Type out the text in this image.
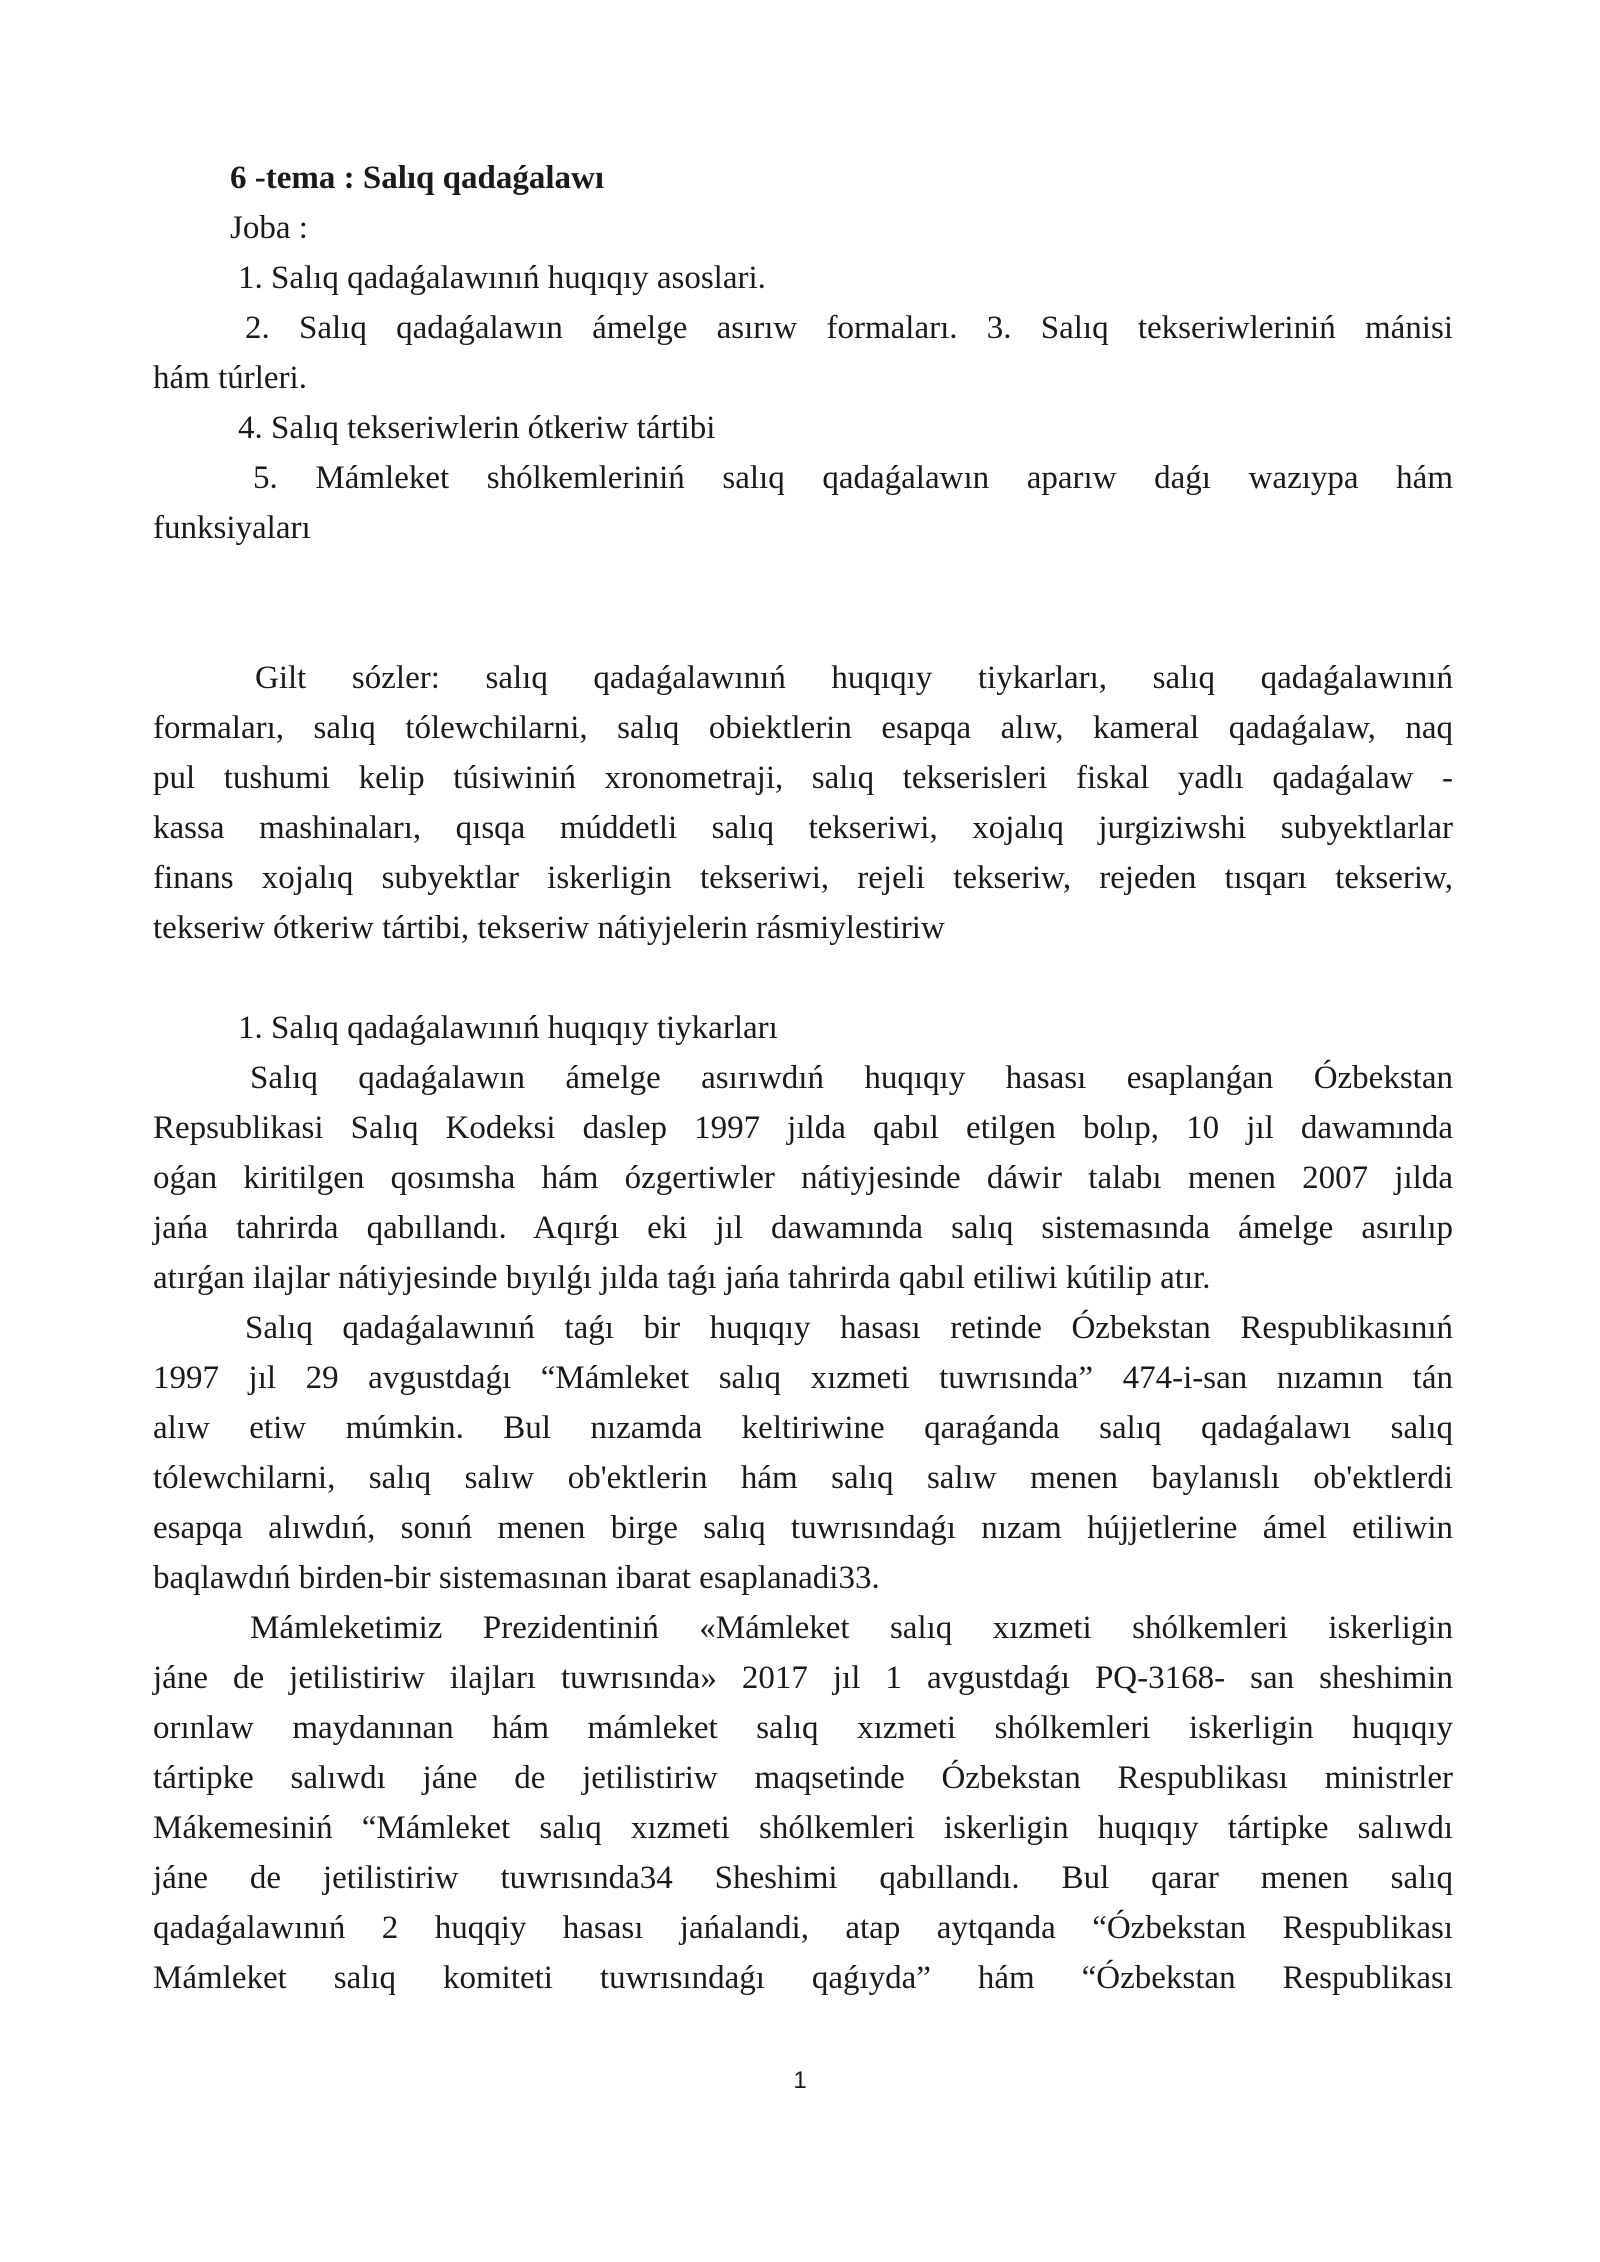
6 -tema : Salıq qadaǵalawı
Joba :
1. Salıq qadaǵalawınıń huqıqıy asoslari.
2. Salıq qadaǵalawın ámelge asırıw formaları. 3. Salıq tekseriwleriniń mánisi
hám túrleri.
4. Salıq tekseriwlerin ótkeriw tártibi
5. Mámleket shólkemleriniń salıq qadaǵalawın aparıw daǵı wazıypa hám
funksiyaları
Gilt sózler: salıq qadaǵalawınıń huqıqıy tiykarları, salıq qadaǵalawınıń
formaları, salıq tólewchilarni, salıq obiektlerin esapqa alıw, kameral qadaǵalaw, naq
pul tushumi kelip túsiwiniń xronometraji, salıq tekserisleri fiskal yadlı qadaǵalaw -
kassa mashinaları, qısqa múddetli salıq tekseriwi, xojalıq jurgiziwshi subyektlarlar
finans xojalıq subyektlar iskerligin tekseriwi, rejeli tekseriw, rejeden tısqarı tekseriw,
tekseriw ótkeriw tártibi, tekseriw nátiyjelerin rásmiylestiriw
1. Salıq qadaǵalawınıń huqıqıy tiykarları
Salıq qadaǵalawın ámelge asırıwdıń huqıqıy hasası esaplanǵan Ózbekstan
Repsublikasi Salıq Kodeksi daslep 1997 jılda qabıl etilgen bolıp, 10 jıl dawamında
oǵan kiritilgen qosımsha hám ózgertiwler nátiyjesinde dáwir talabı menen 2007 jılda
jańa tahrirda qabıllandı. Aqırǵı eki jıl dawamında salıq sistemasında ámelge asırılıp
atırǵan ilajlar nátiyjesinde bıyılǵı jılda taǵı jańa tahrirda qabıl etiliwi kútilip atır.
Salıq qadaǵalawınıń taǵı bir huqıqıy hasası retinde Ózbekstan Respublikasınıń
1997 jıl 29 avgustdaǵı “Mámleket salıq xızmeti tuwrısında” 474-i-san nızamın tán
alıw etiw múmkin. Bul nızamda keltiriwine qaraǵanda salıq qadaǵalawı salıq
tólewchilarni, salıq salıw ob'ektlerin hám salıq salıw menen baylanıslı ob'ektlerdi
esapqa alıwdıń, sonıń menen birge salıq tuwrısındaǵı nızam hújjetlerine ámel etiliwin
baqlawdıń birden-bir sistemasınan ibarat esaplanadi33.
Mámleketimiz Prezidentiniń «Mámleket salıq xızmeti shólkemleri iskerligin
jáne de jetilistiriw ilajları tuwrısında» 2017 jıl 1 avgustdaǵı PQ-3168- san sheshimin
orınlaw maydanınan hám mámleket salıq xızmeti shólkemleri iskerligin huqıqıy
tártipke salıwdı jáne de jetilistiriw maqsetinde Ózbekstan Respublikası ministrler
Mákemesiniń “Mámleket salıq xızmeti shólkemleri iskerligin huqıqıy tártipke salıwdı
jáne de jetilistiriw tuwrısında34 Sheshimi qabıllandı. Bul qarar menen salıq
qadaǵalawınıń 2 huqqiy hasası jańalandi, atap aytqanda “Ózbekstan Respublikası
Mámleket salıq komiteti tuwrısındaǵı qaǵıyda” hám “Ózbekstan Respublikası
1
